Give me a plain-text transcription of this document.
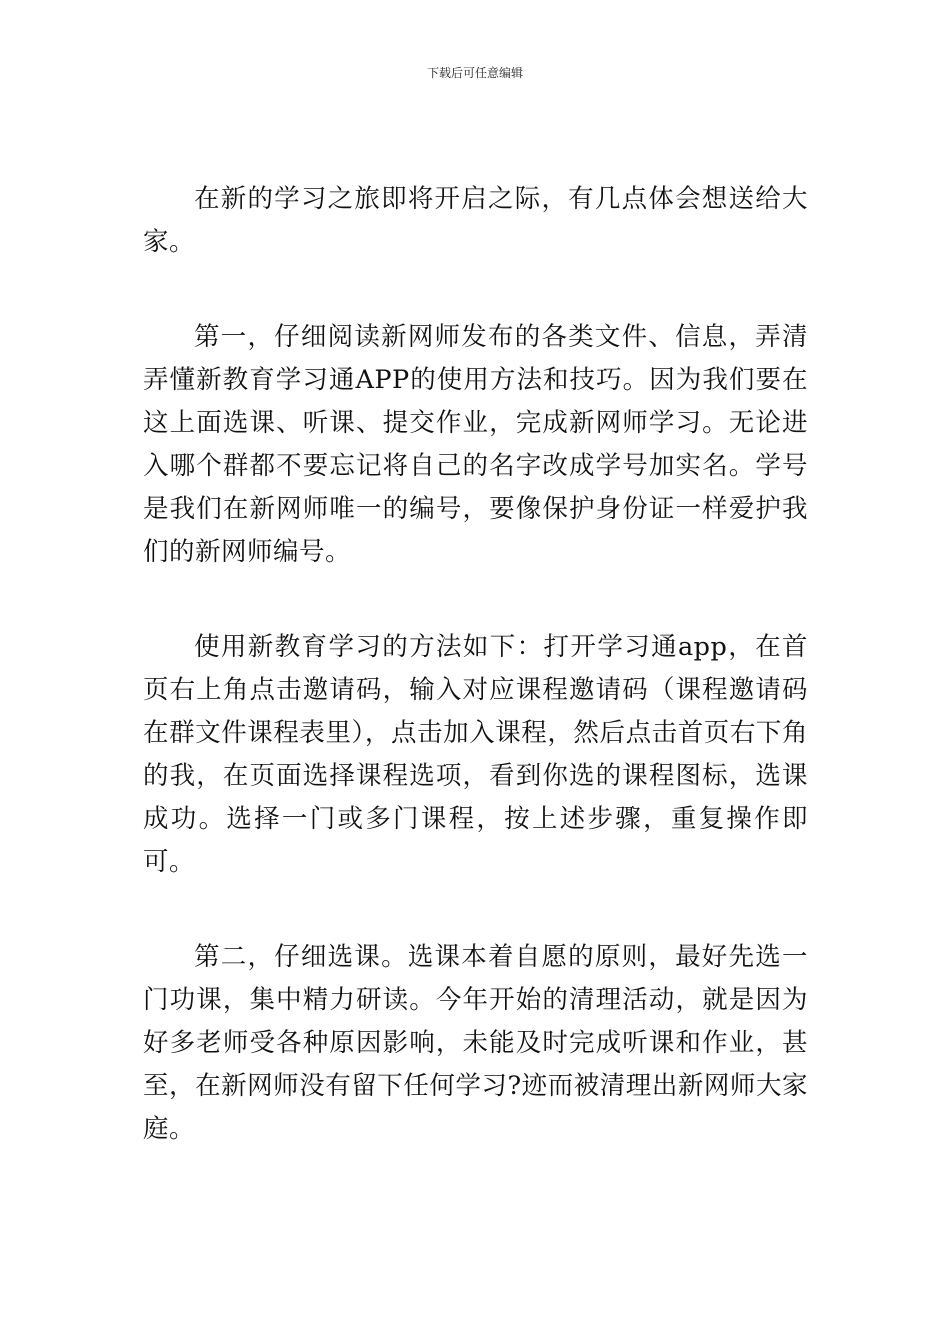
下载后可任意编辑

在新的学习之旅即将开启之际，有几点体会想送给大家。

第一，仔细阅读新网师发布的各类文件、信息，弄清弄懂新教育学习通APP的使用方法和技巧。因为我们要在这上面选课、听课、提交作业，完成新网师学习。无论进入哪个群都不要忘记将自己的名字改成学号加实名。学号是我们在新网师唯一的编号，要像保护身份证一样爱护我们的新网师编号。

使用新教育学习的方法如下：打开学习通app，在首页右上角点击邀请码，输入对应课程邀请码（课程邀请码在群文件课程表里），点击加入课程，然后点击首页右下角的我，在页面选择课程选项，看到你选的课程图标，选课成功。选择一门或多门课程，按上述步骤，重复操作即可。

第二，仔细选课。选课本着自愿的原则，最好先选一门功课，集中精力研读。今年开始的清理活动，就是因为好多老师受各种原因影响，未能及时完成听课和作业，甚至，在新网师没有留下任何学习?迹而被清理出新网师大家庭。
